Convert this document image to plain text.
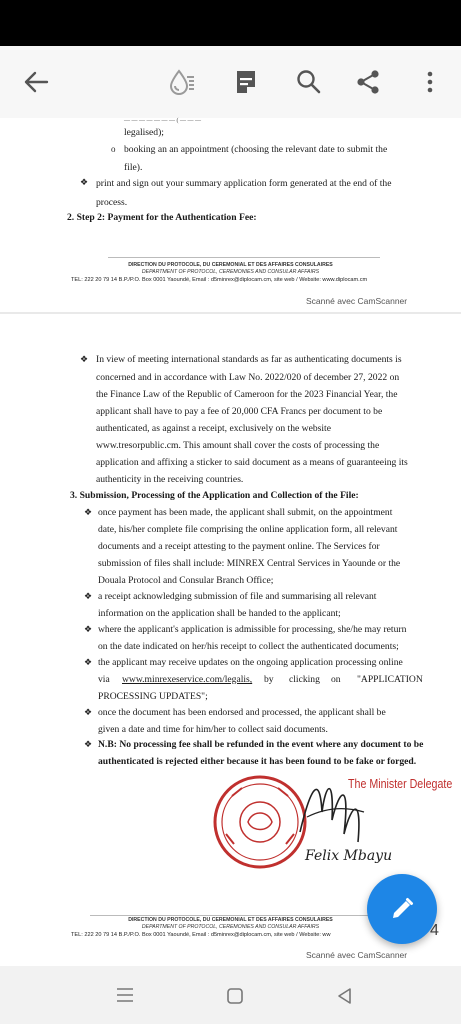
— — — — — — — ( — — —
legalised);
o booking an an appointment (choosing the relevant date to submit the
file).
❖ print and sign out your summary application form generated at the end of the
process.
2. Step 2: Payment for the Authentication Fee:
DIRECTION DU PROTOCOLE, DU CEREMONIAL ET DES AFFAIRES CONSULAIRES
DEPARTMENT OF PROTOCOL, CEREMONIES AND CONSULAR AFFAIRS
TEL: 222 20 79 14 B.P./P.O. Box 0001 Yaoundé, Email : d5minrex@diplocam.cm, site web / Website: www.diplocam.cm
Scanné avec CamScanner
❖ In view of meeting international standards as far as authenticating documents is
concerned and in accordance with Law No. 2022/020 of december 27, 2022 on
the Finance Law of the Republic of Cameroon for the 2023 Financial Year, the
applicant shall have to pay a fee of 20,000 CFA Francs per document to be
authenticated, as against a receipt, exclusively on the website
www.tresorpublic.cm. This amount shall cover the costs of processing the
application and affixing a sticker to said document as a means of guaranteeing its
authenticity in the receiving countries.
3. Submission, Processing of the Application and Collection of the File:
❖ once payment has been made, the applicant shall submit, on the appointment
date, his/her complete file comprising the online application form, all relevant
documents and a receipt attesting to the payment online. The Services for
submission of files shall include: MINREX Central Services in Yaounde or the
Douala Protocol and Consular Branch Office;
❖ a receipt acknowledging submission of file and summarising all relevant
information on the application shall be handed to the applicant;
❖ where the applicant's application is admissible for processing, she/he may return
on the date indicated on her/his receipt to collect the authenticated documents;
❖ the applicant may receive updates on the ongoing application processing online
via www.minrexeservice.com/legalis, by clicking on "APPLICATION
PROCESSING UPDATES";
❖ once the document has been endorsed and processed, the applicant shall be
given a date and time for him/her to collect said documents.
❖ N.B: No processing fee shall be refunded in the event where any document to be
authenticated is rejected either because it has been found to be fake or forged.
DIRECTION DU PROTOCOLE, DU CEREMONIAL ET DES AFFAIRES CONSULAIRES
DEPARTMENT OF PROTOCOL, CEREMONIES AND CONSULAR AFFAIRS
TEL: 222 20 79 14 B.P./P.O. Box 0001 Yaoundé, Email : d5minrex@diplocam.cm, site web / Website: ww	4
Scanné avec CamScanner
The Minister Delegate
Felix Mbayu
